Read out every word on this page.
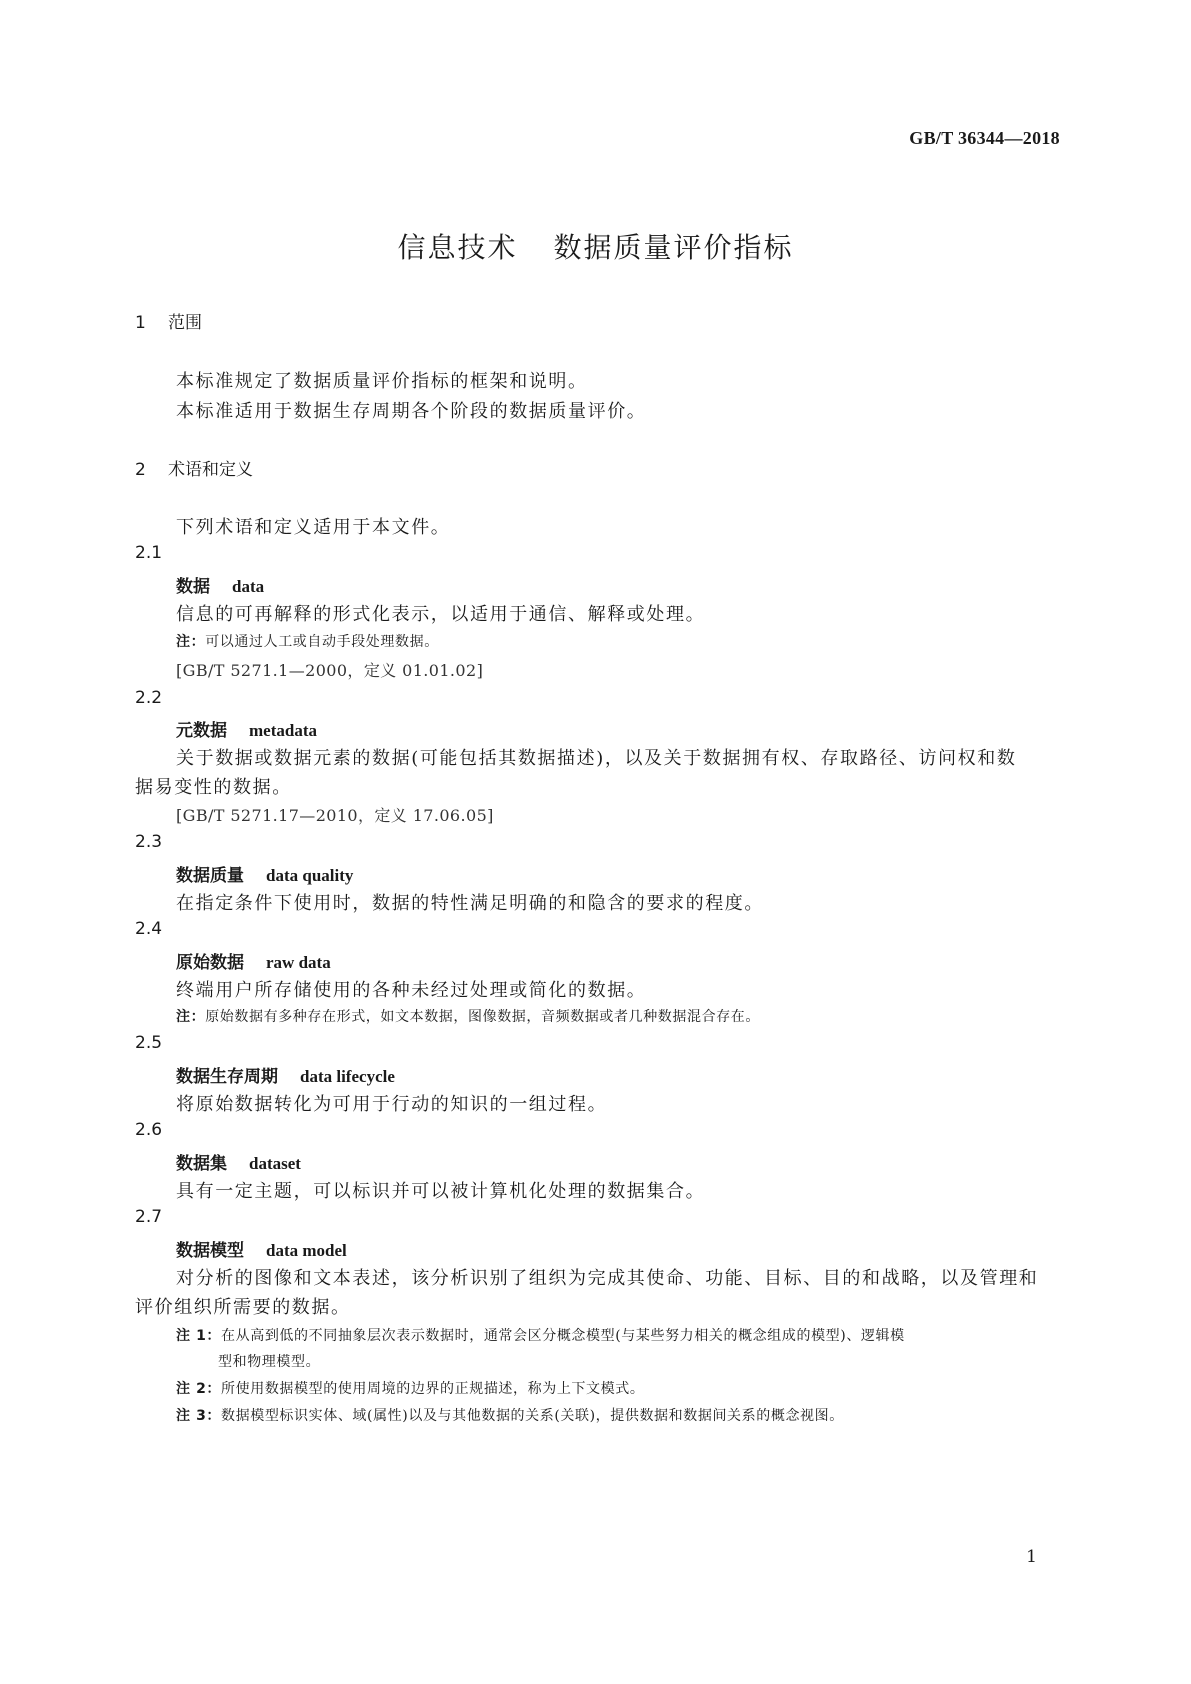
GB/T 36344—2018
信息技术 数据质量评价指标
1 范围
本标准规定了数据质量评价指标的框架和说明。
本标准适用于数据生存周期各个阶段的数据质量评价。
2 术语和定义
下列术语和定义适用于本文件。
2.1
数据 data
信息的可再解释的形式化表示，以适用于通信、解释或处理。
注：可以通过人工或自动手段处理数据。
[GB/T 5271.1—2000，定义 01.01.02]
2.2
元数据 metadata
关于数据或数据元素的数据(可能包括其数据描述)，以及关于数据拥有权、存取路径、访问权和数
据易变性的数据。
[GB/T 5271.17—2010，定义 17.06.05]
2.3
数据质量 data quality
在指定条件下使用时，数据的特性满足明确的和隐含的要求的程度。
2.4
原始数据 raw data
终端用户所存储使用的各种未经过处理或简化的数据。
注：原始数据有多种存在形式，如文本数据，图像数据，音频数据或者几种数据混合存在。
2.5
数据生存周期 data lifecycle
将原始数据转化为可用于行动的知识的一组过程。
2.6
数据集 dataset
具有一定主题，可以标识并可以被计算机化处理的数据集合。
2.7
数据模型 data model
对分析的图像和文本表述，该分析识别了组织为完成其使命、功能、目标、目的和战略，以及管理和
评价组织所需要的数据。
注 1：在从高到低的不同抽象层次表示数据时，通常会区分概念模型(与某些努力相关的概念组成的模型)、逻辑模
型和物理模型。
注 2：所使用数据模型的使用周境的边界的正规描述，称为上下文模式。
注 3：数据模型标识实体、域(属性)以及与其他数据的关系(关联)，提供数据和数据间关系的概念视图。
1
